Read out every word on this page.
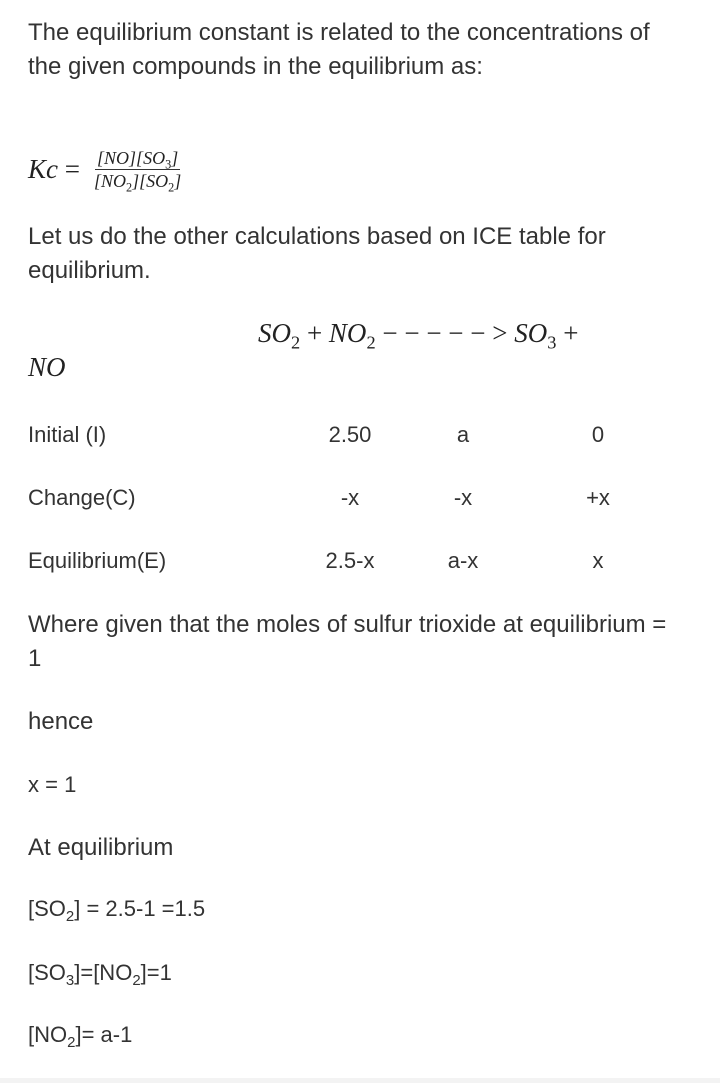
The equilibrium constant is related to the concentrations of the given compounds in the equilibrium as:

$Kc = \frac{[NO][SO_3]}{[NO_2][SO_2]}$

Let us do the other calculations based on ICE table for equilibrium.

$SO_2 + NO_2$ − − − − − > $SO_3$ +
NO
Initial (I)	2.50	a	0
Change(C)	-x	-x	+x
Equilibrium(E)	2.5-x	a-x	x

Where given that the moles of sulfur trioxide at equilibrium = 1

hence

x = 1

At equilibrium

$[SO_2] = 2.5-1 =1.5$
$[SO_3]=[NO_2]=1$
$[NO_2]= a-1$
